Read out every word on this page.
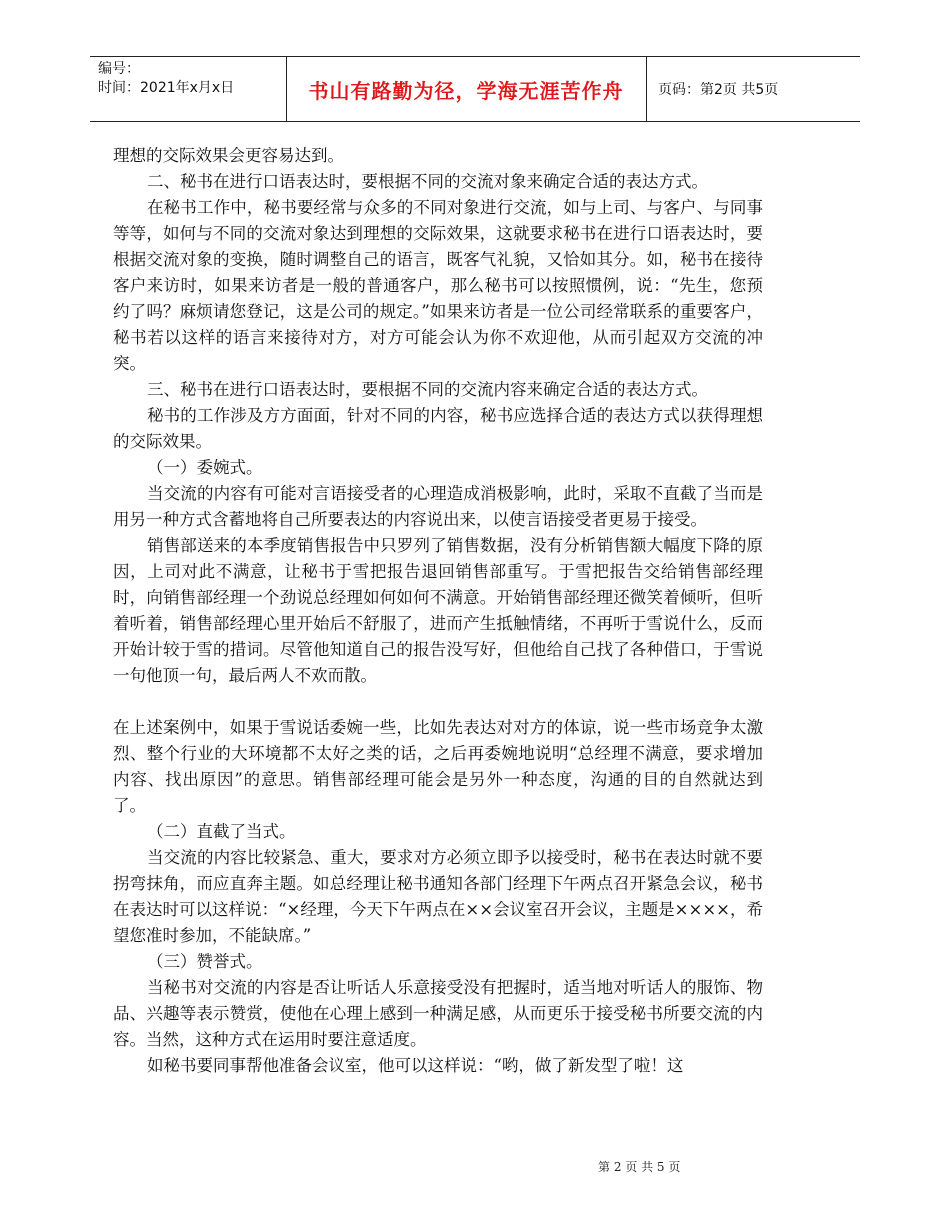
编号：
时间：2021年x月x日	书山有路勤为径，学海无涯苦作舟	页码：第2页 共5页

理想的交际效果会更容易达到。

二、秘书在进行口语表达时，要根据不同的交流对象来确定合适的表达方式。

在秘书工作中，秘书要经常与众多的不同对象进行交流，如与上司、与客户、与同事等等，如何与不同的交流对象达到理想的交际效果，这就要求秘书在进行口语表达时，要根据交流对象的变换，随时调整自己的语言，既客气礼貌，又恰如其分。如，秘书在接待客户来访时，如果来访者是一般的普通客户，那么秘书可以按照惯例，说：“先生，您预约了吗？麻烦请您登记，这是公司的规定。”如果来访者是一位公司经常联系的重要客户，秘书若以这样的语言来接待对方，对方可能会认为你不欢迎他，从而引起双方交流的冲突。

三、秘书在进行口语表达时，要根据不同的交流内容来确定合适的表达方式。

秘书的工作涉及方方面面，针对不同的内容，秘书应选择合适的表达方式以获得理想的交际效果。

（一）委婉式。

当交流的内容有可能对言语接受者的心理造成消极影响，此时，采取不直截了当而是用另一种方式含蓄地将自己所要表达的内容说出来，以使言语接受者更易于接受。

销售部送来的本季度销售报告中只罗列了销售数据，没有分析销售额大幅度下降的原因，上司对此不满意，让秘书于雪把报告退回销售部重写。于雪把报告交给销售部经理时，向销售部经理一个劲说总经理如何如何不满意。开始销售部经理还微笑着倾听，但听着听着，销售部经理心里开始后不舒服了，进而产生抵触情绪，不再听于雪说什么，反而开始计较于雪的措词。尽管他知道自己的报告没写好，但他给自己找了各种借口，于雪说一句他顶一句，最后两人不欢而散。

在上述案例中，如果于雪说话委婉一些，比如先表达对对方的体谅，说一些市场竞争太激烈、整个行业的大环境都不太好之类的话，之后再委婉地说明“总经理不满意，要求增加内容、找出原因”的意思。销售部经理可能会是另外一种态度，沟通的目的自然就达到了。

（二）直截了当式。

当交流的内容比较紧急、重大，要求对方必须立即予以接受时，秘书在表达时就不要拐弯抹角，而应直奔主题。如总经理让秘书通知各部门经理下午两点召开紧急会议，秘书在表达时可以这样说：“×经理，今天下午两点在××会议室召开会议，主题是××××，希望您准时参加，不能缺席。”

（三）赞誉式。

当秘书对交流的内容是否让听话人乐意接受没有把握时，适当地对听话人的服饰、物品、兴趣等表示赞赏，使他在心理上感到一种满足感，从而更乐于接受秘书所要交流的内容。当然，这种方式在运用时要注意适度。

如秘书要同事帮他准备会议室，他可以这样说：“哟，做了新发型了啦！这

第 2 页 共 5 页
